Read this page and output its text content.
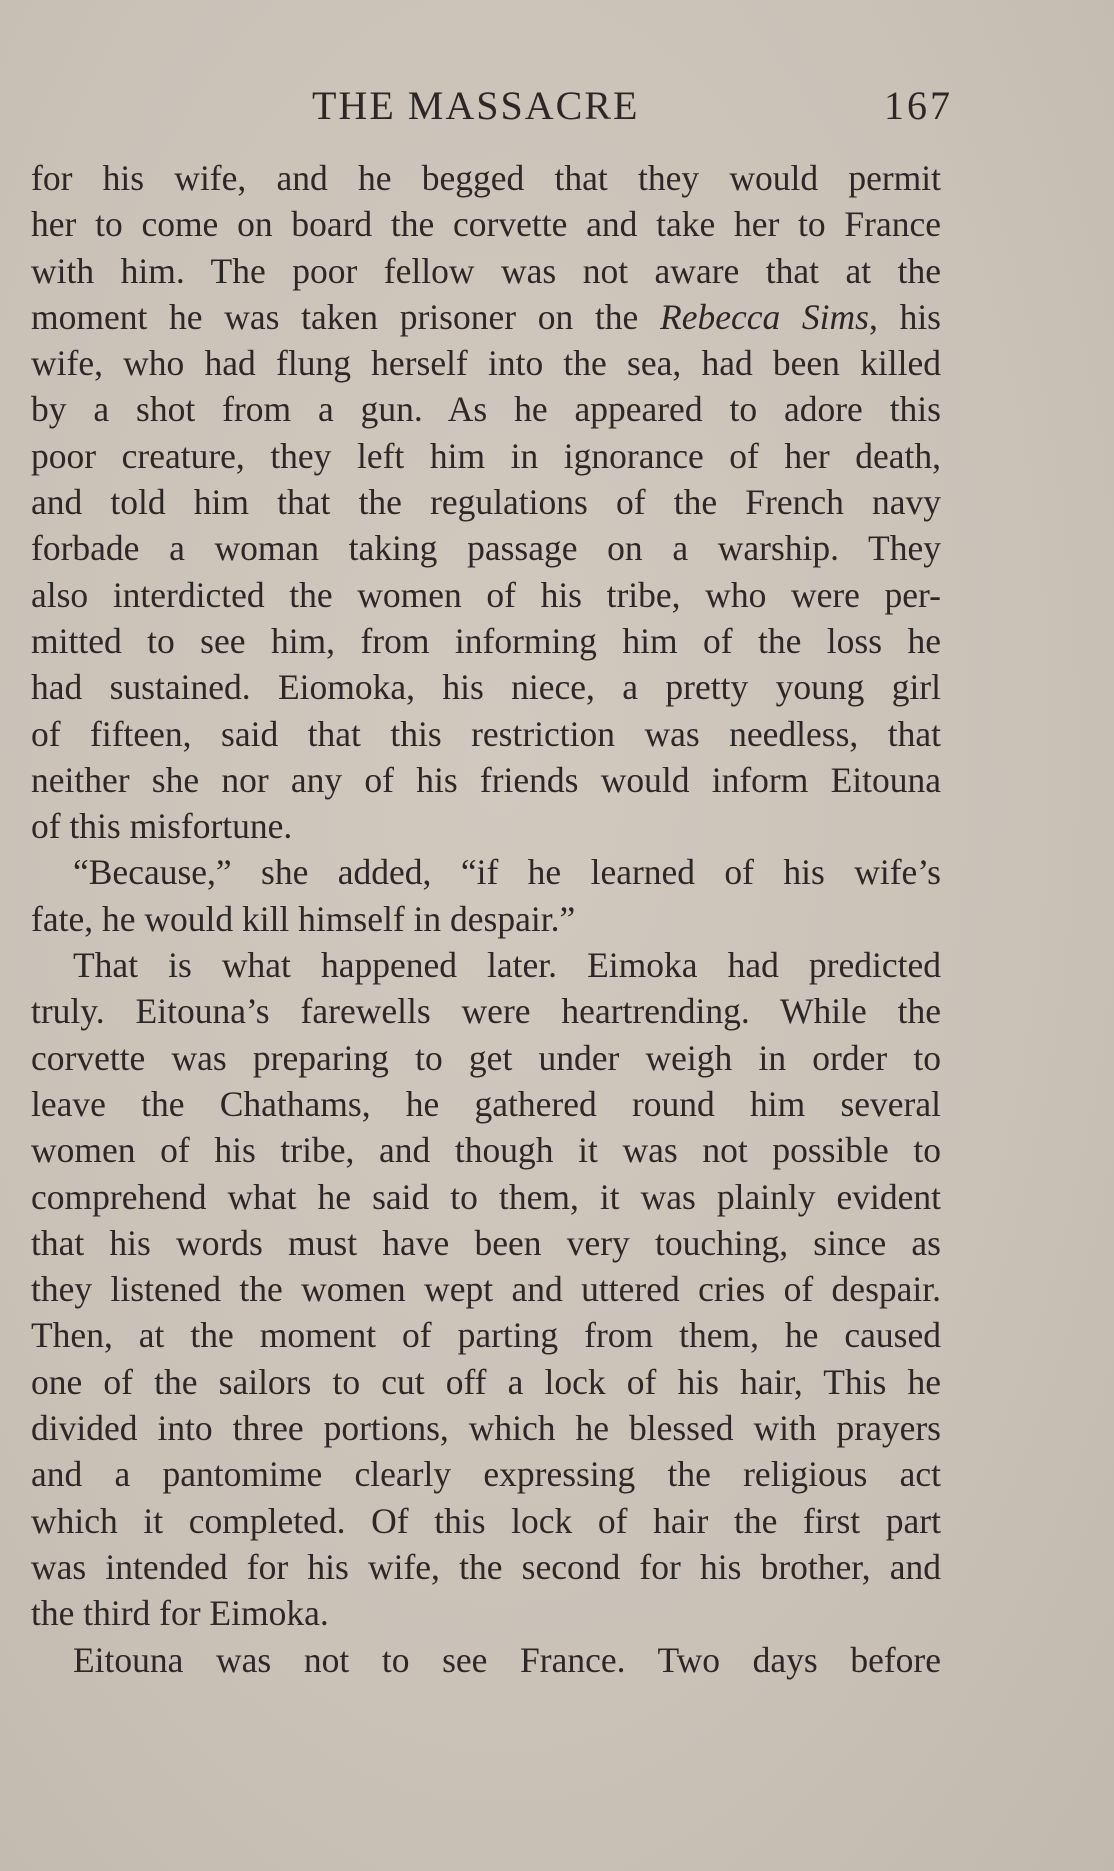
THE MASSACRE	167
for his wife, and he begged that they would permit
her to come on board the corvette and take her to France
with him. The poor fellow was not aware that at the
moment he was taken prisoner on the Rebecca Sims, his
wife, who had flung herself into the sea, had been killed
by a shot from a gun. As he appeared to adore this
poor creature, they left him in ignorance of her death,
and told him that the regulations of the French navy
forbade a woman taking passage on a warship. They
also interdicted the women of his tribe, who were per-
mitted to see him, from informing him of the loss he
had sustained. Eiomoka, his niece, a pretty young girl
of fifteen, said that this restriction was needless, that
neither she nor any of his friends would inform Eitouna
of this misfortune.
“Because,” she added, “if he learned of his wife’s
fate, he would kill himself in despair.”
That is what happened later. Eimoka had predicted
truly. Eitouna’s farewells were heartrending. While the
corvette was preparing to get under weigh in order to
leave the Chathams, he gathered round him several
women of his tribe, and though it was not possible to
comprehend what he said to them, it was plainly evident
that his words must have been very touching, since as
they listened the women wept and uttered cries of despair.
Then, at the moment of parting from them, he caused
one of the sailors to cut off a lock of his hair, This he
divided into three portions, which he blessed with prayers
and a pantomime clearly expressing the religious act
which it completed. Of this lock of hair the first part
was intended for his wife, the second for his brother, and
the third for Eimoka.
Eitouna was not to see France. Two days before
